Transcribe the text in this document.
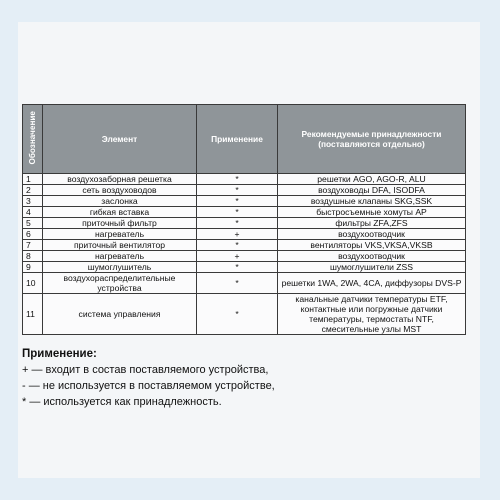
Обозначение	Элемент	Применение	Рекомендуемые принадлежности (поставляются отдельно)
1	воздухозаборная решетка	*	решетки AGO, AGO-R, ALU
2	сеть воздуховодов	*	воздуховоды DFA, ISODFA
3	заслонка	*	воздушные клапаны SKG,SSK
4	гибкая вставка	*	быстросъемные хомуты AP
5	приточный фильтр	*	фильтры ZFA,ZFS
6	нагреватель	+	воздухоотводчик
7	приточный вентилятор	*	вентиляторы VKS,VKSA,VKSB
8	нагреватель	+	воздухоотводчик
9	шумоглушитель	*	шумоглушители ZSS
10	воздухораспределительные устройства	*	решетки 1WA, 2WA, 4CA, диффузоры DVS-P
11	система управления	*	канальные датчики температуры ETF, контактные или погружные датчики температуры, термостаты NTF, смесительные узлы MST
Применение:
+ — входит в состав поставляемого устройства,
- — не используется в поставляемом устройстве,
* — используется как принадлежность.
